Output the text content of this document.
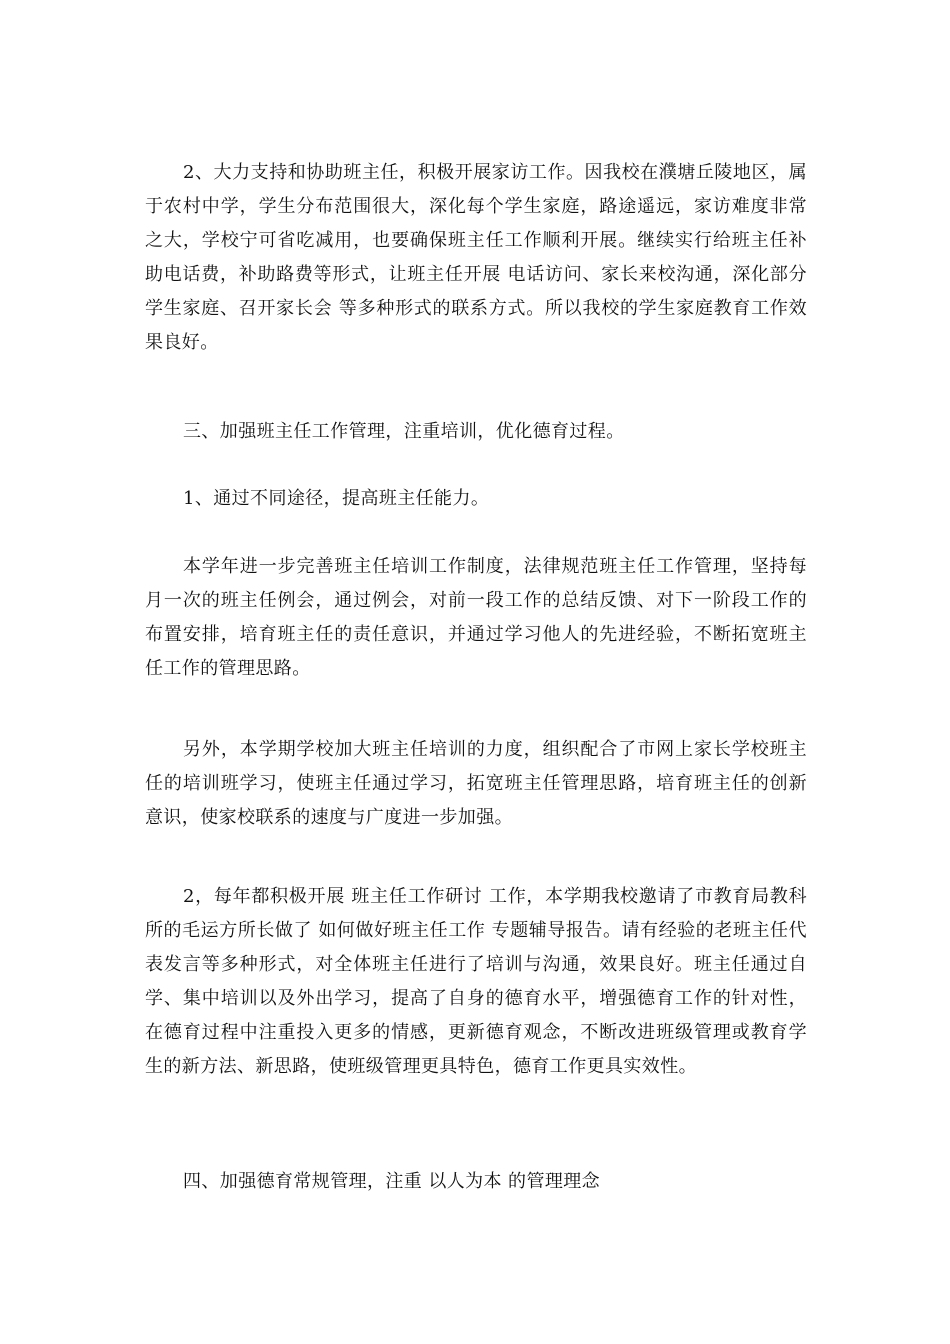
2、大力支持和协助班主任，积极开展家访工作。因我校在濮塘丘陵地区，属于农村中学，学生分布范围很大，深化每个学生家庭，路途遥远，家访难度非常之大，学校宁可省吃减用，也要确保班主任工作顺利开展。继续实行给班主任补助电话费，补助路费等形式，让班主任开展 电话访问、家长来校沟通，深化部分学生家庭、召开家长会 等多种形式的联系方式。所以我校的学生家庭教育工作效果良好。

三、加强班主任工作管理，注重培训，优化德育过程。

1、通过不同途径，提高班主任能力。

本学年进一步完善班主任培训工作制度，法律规范班主任工作管理，坚持每月一次的班主任例会，通过例会，对前一段工作的总结反馈、对下一阶段工作的布置安排，培育班主任的责任意识，并通过学习他人的先进经验，不断拓宽班主任工作的管理思路。

另外，本学期学校加大班主任培训的力度，组织配合了市网上家长学校班主任的培训班学习，使班主任通过学习，拓宽班主任管理思路，培育班主任的创新意识，使家校联系的速度与广度进一步加强。

2，每年都积极开展 班主任工作研讨 工作，本学期我校邀请了市教育局教科所的毛运方所长做了 如何做好班主任工作 专题辅导报告。请有经验的老班主任代表发言等多种形式，对全体班主任进行了培训与沟通，效果良好。班主任通过自学、集中培训以及外出学习，提高了自身的德育水平，增强德育工作的针对性，在德育过程中注重投入更多的情感，更新德育观念，不断改进班级管理或教育学生的新方法、新思路，使班级管理更具特色，德育工作更具实效性。

四、加强德育常规管理，注重 以人为本 的管理理念
